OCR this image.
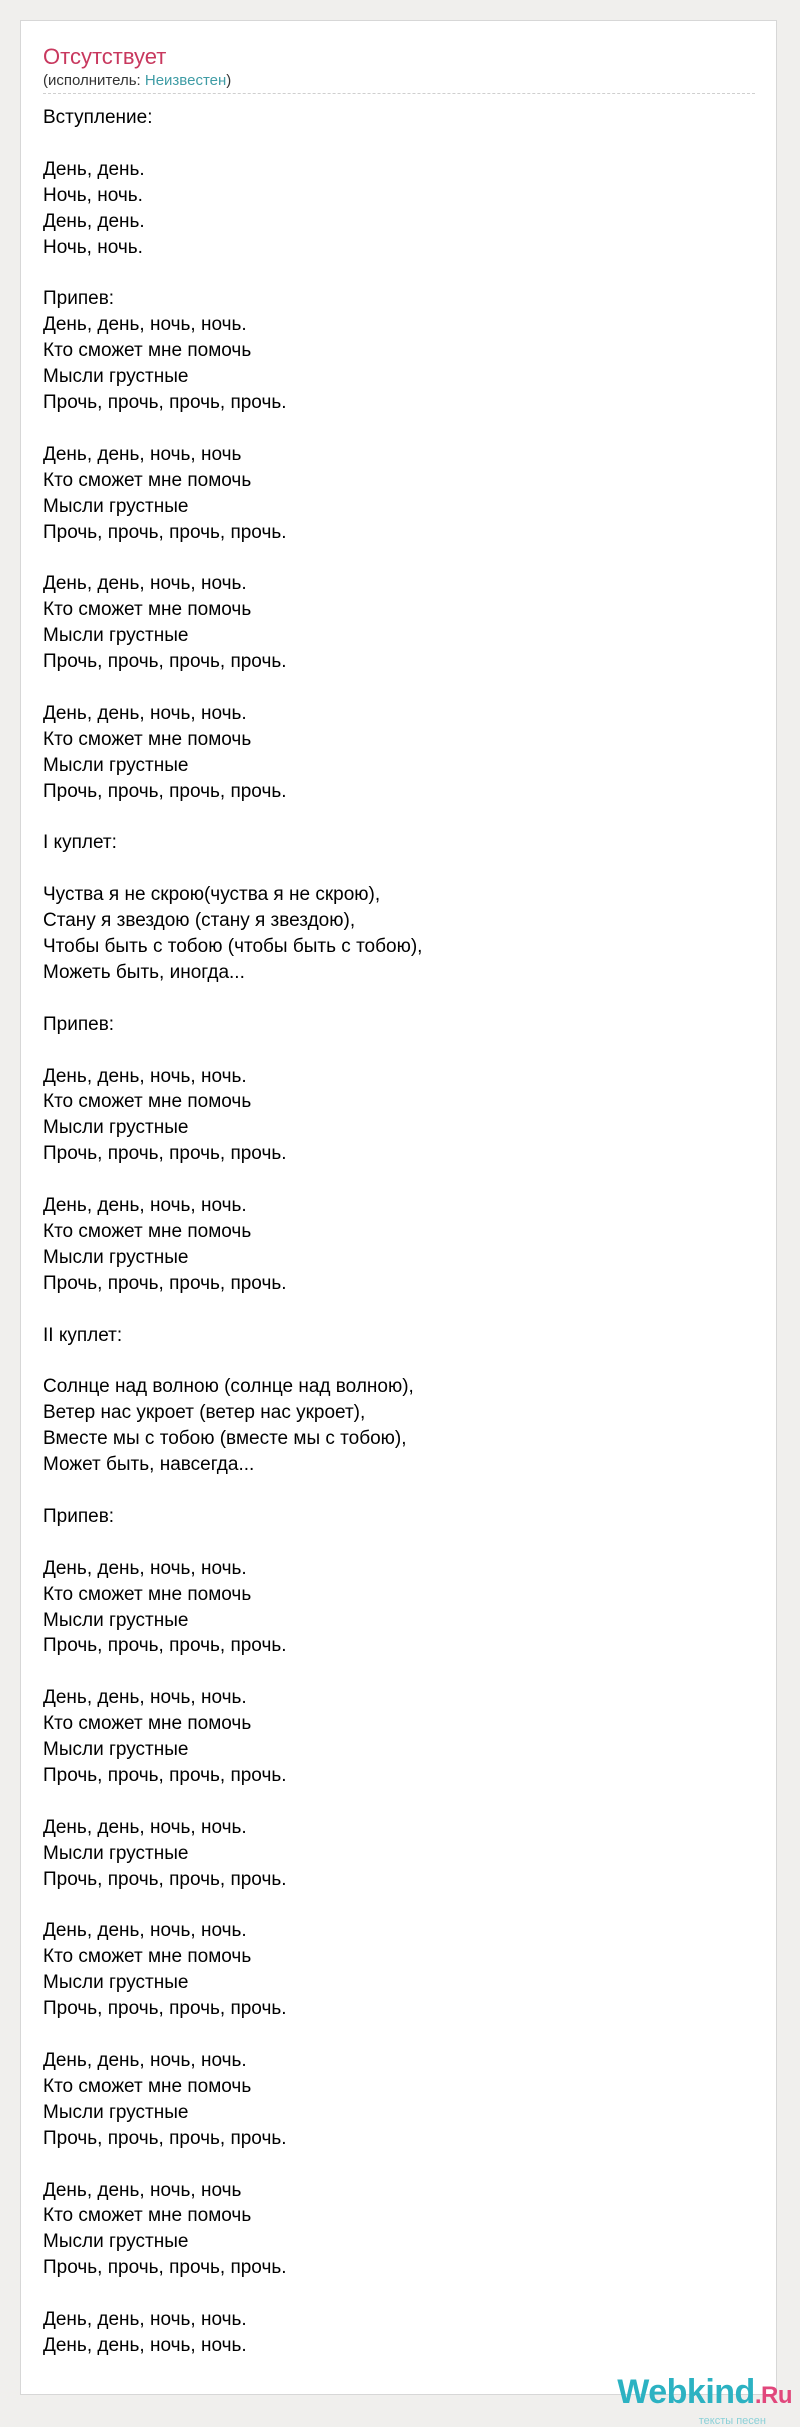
Отсутствует
(исполнитель: Неизвестен)
Вступление:

День, день.
Ночь, ночь.
День, день.
Ночь, ночь.

Припев:
День, день, ночь, ночь.
Кто сможет мне помочь
Мысли грустные
Прочь, прочь, прочь, прочь.

День, день, ночь, ночь
Кто сможет мне помочь
Мысли грустные
Прочь, прочь, прочь, прочь.

День, день, ночь, ночь.
Кто сможет мне помочь
Мысли грустные
Прочь, прочь, прочь, прочь.

День, день, ночь, ночь.
Кто сможет мне помочь
Мысли грустные
Прочь, прочь, прочь, прочь.

I куплет:

Чуства я не скрою(чуства я не скрою),
Стану я звездою (стану я звездою),
Чтобы быть с тобою (чтобы быть с тобою),
Можеть быть, иногда...

Припев:

День, день, ночь, ночь.
Кто сможет мне помочь
Мысли грустные
Прочь, прочь, прочь, прочь.

День, день, ночь, ночь.
Кто сможет мне помочь
Мысли грустные
Прочь, прочь, прочь, прочь.

II куплет:

Солнце над волною (солнце над волною),
Ветер нас укроет (ветер нас укроет),
Вместе мы с тобою (вместе мы с тобою),
Может быть, навсегда...

Припев:

День, день, ночь, ночь.
Кто сможет мне помочь
Мысли грустные
Прочь, прочь, прочь, прочь.

День, день, ночь, ночь.
Кто сможет мне помочь
Мысли грустные
Прочь, прочь, прочь, прочь.

День, день, ночь, ночь.
Мысли грустные
Прочь, прочь, прочь, прочь.

День, день, ночь, ночь.
Кто сможет мне помочь
Мысли грустные
Прочь, прочь, прочь, прочь.

День, день, ночь, ночь.
Кто сможет мне помочь
Мысли грустные
Прочь, прочь, прочь, прочь.

День, день, ночь, ночь
Кто сможет мне помочь
Мысли грустные
Прочь, прочь, прочь, прочь.

День, день, ночь, ночь.
День, день, ночь, ночь.
Webkind.Ru
тексты песен
